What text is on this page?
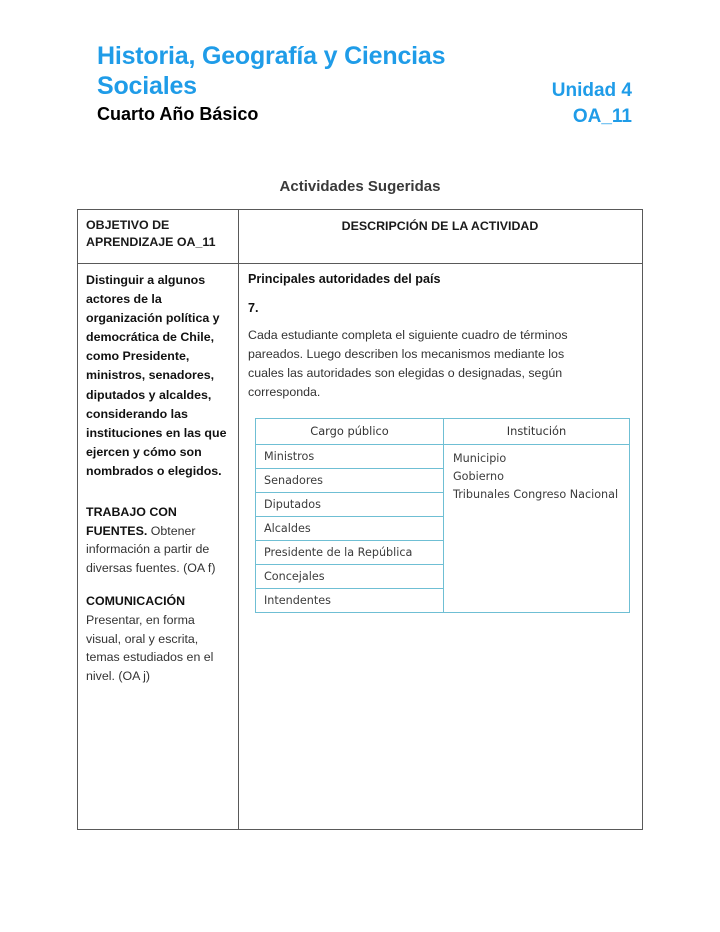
Historia, Geografía y Ciencias Sociales
Cuarto Año Básico
Unidad 4
OA_11
Actividades Sugeridas
OBJETIVO DE APRENDIZAJE OA_11
DESCRIPCIÓN DE LA ACTIVIDAD

Distinguir a algunos actores de la organización política y democrática de Chile, como Presidente, ministros, senadores, diputados y alcaldes, considerando las instituciones en las que ejercen y cómo son nombrados o elegidos.

TRABAJO CON FUENTES. Obtener información a partir de diversas fuentes. (OA f)

COMUNICACIÓN Presentar, en forma visual, oral y escrita, temas estudiados en el nivel. (OA j)

Principales autoridades del país

7.

Cada estudiante completa el siguiente cuadro de términos pareados. Luego describen los mecanismos mediante los cuales las autoridades son elegidas o designadas, según corresponda.

Cargo público
Ministros
Senadores
Diputados
Alcaldes
Presidente de la República
Concejales
Intendentes
Institución
Municipio
Gobierno
Tribunales Congreso Nacional
